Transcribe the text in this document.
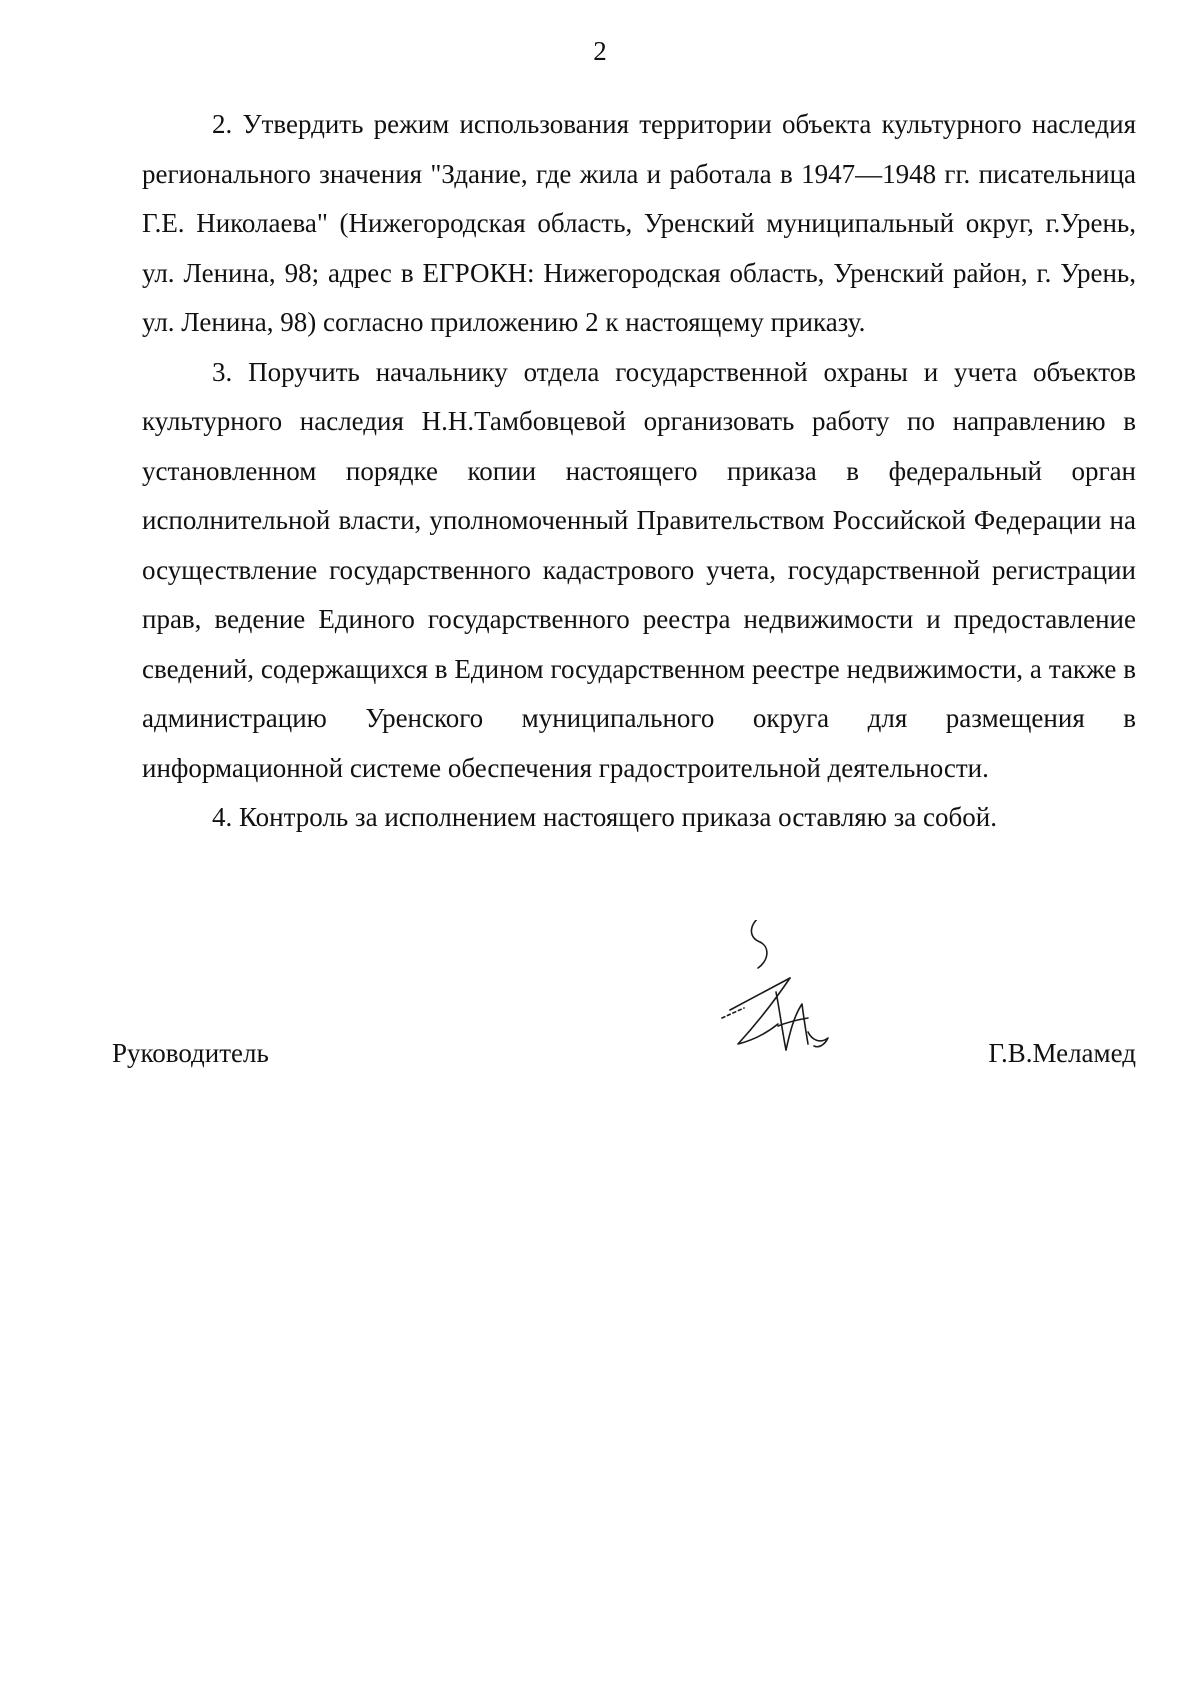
2

2. Утвердить режим использования территории объекта культурного наследия регионального значения "Здание, где жила и работала в 1947—1948 гг. писательница Г.Е. Николаева" (Нижегородская область, Уренский муниципальный округ, г.Урень, ул. Ленина, 98; адрес в ЕГРОКН: Нижегородская область, Уренский район, г. Урень, ул. Ленина, 98) согласно приложению 2 к настоящему приказу.

3. Поручить начальнику отдела государственной охраны и учета объектов культурного наследия Н.Н.Тамбовцевой организовать работу по направлению в установленном порядке копии настоящего приказа в федеральный орган исполнительной власти, уполномоченный Правительством Российской Федерации на осуществление государственного кадастрового учета, государственной регистрации прав, ведение Единого государственного реестра недвижимости и предоставление сведений, содержащихся в Едином государственном реестре недвижимости, а также в администрацию Уренского муниципального округа для размещения в информационной системе обеспечения градостроительной деятельности.

4. Контроль за исполнением настоящего приказа оставляю за собой.

Руководитель	Г.В.Меламед
